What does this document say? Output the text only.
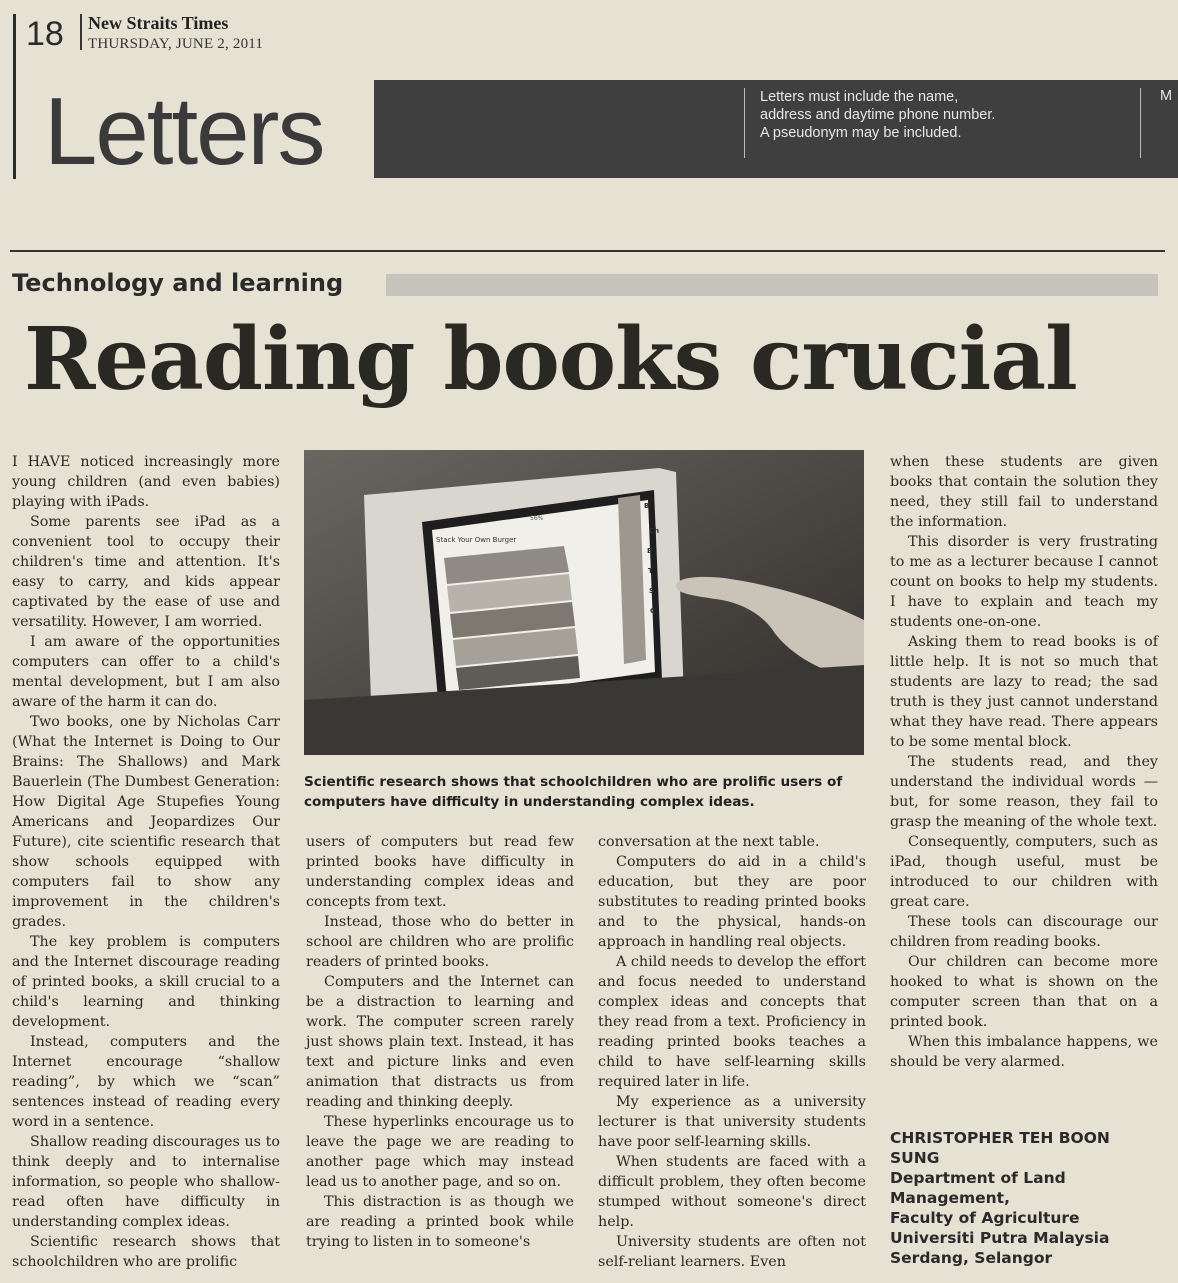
18 New Straits Times
THURSDAY, JUNE 2, 2011
Letters	Letters must include the name,
address and daytime phone number.
A pseudonym may be included.
M
Technology and learning
Reading books crucial

I HAVE noticed increasingly more young children (and even babies) playing with iPads.

Some parents see iPad as a convenient tool to occupy their children's time and attention. It's easy to carry, and kids appear captivated by the ease of use and versatility. However, I am worried.

I am aware of the opportunities computers can offer to a child's mental development, but I am also aware of the harm it can do.

Two books, one by Nicholas Carr (What the Internet is Doing to Our Brains: The Shallows) and Mark Bauerlein (The Dumbest Generation: How Digital Age Stupefies Young Americans and Jeopardizes Our Future), cite scientific research that show schools equipped with computers fail to show any improvement in the children's grades.

The key problem is computers and the Internet discourage reading of printed books, a skill crucial to a child's learning and thinking development.

Instead, computers and the Internet encourage “shallow reading”, by which we “scan” sentences instead of reading every word in a sentence.

Shallow reading discourages us to think deeply and to internalise information, so people who shallow-read often have difficulty in understanding complex ideas.

Scientific research shows that schoolchildren who are prolific

Stack Your Own Burger
56%
B
Ch
B
T
S
C
Scientific research shows that schoolchildren who are prolific users of computers have difficulty in understanding complex ideas.

users of computers but read few printed books have difficulty in understanding complex ideas and concepts from text.

Instead, those who do better in school are children who are prolific readers of printed books.

Computers and the Internet can be a distraction to learning and work. The computer screen rarely just shows plain text. Instead, it has text and picture links and even animation that distracts us from reading and thinking deeply.

These hyperlinks encourage us to leave the page we are reading to another page which may instead lead us to another page, and so on.

This distraction is as though we are reading a printed book while trying to listen in to someone's

conversation at the next table.

Computers do aid in a child's education, but they are poor substitutes to reading printed books and to the physical, hands-on approach in handling real objects.

A child needs to develop the effort and focus needed to understand complex ideas and concepts that they read from a text. Proficiency in reading printed books teaches a child to have self-learning skills required later in life.

My experience as a university lecturer is that university students have poor self-learning skills.

When students are faced with a difficult problem, they often become stumped without someone's direct help.

University students are often not self-reliant learners. Even

when these students are given books that contain the solution they need, they still fail to understand the information.

This disorder is very frustrating to me as a lecturer because I cannot count on books to help my students. I have to explain and teach my students one-on-one.

Asking them to read books is of little help. It is not so much that students are lazy to read; the sad truth is they just cannot understand what they have read. There appears to be some mental block.

The students read, and they understand the individual words — but, for some reason, they fail to grasp the meaning of the whole text.

Consequently, computers, such as iPad, though useful, must be introduced to our children with great care.

These tools can discourage our children from reading books.

Our children can become more hooked to what is shown on the computer screen than that on a printed book.

When this imbalance happens, we should be very alarmed.

CHRISTOPHER TEH BOON
SUNG
Department of Land
Management,
Faculty of Agriculture
Universiti Putra Malaysia
Serdang, Selangor
